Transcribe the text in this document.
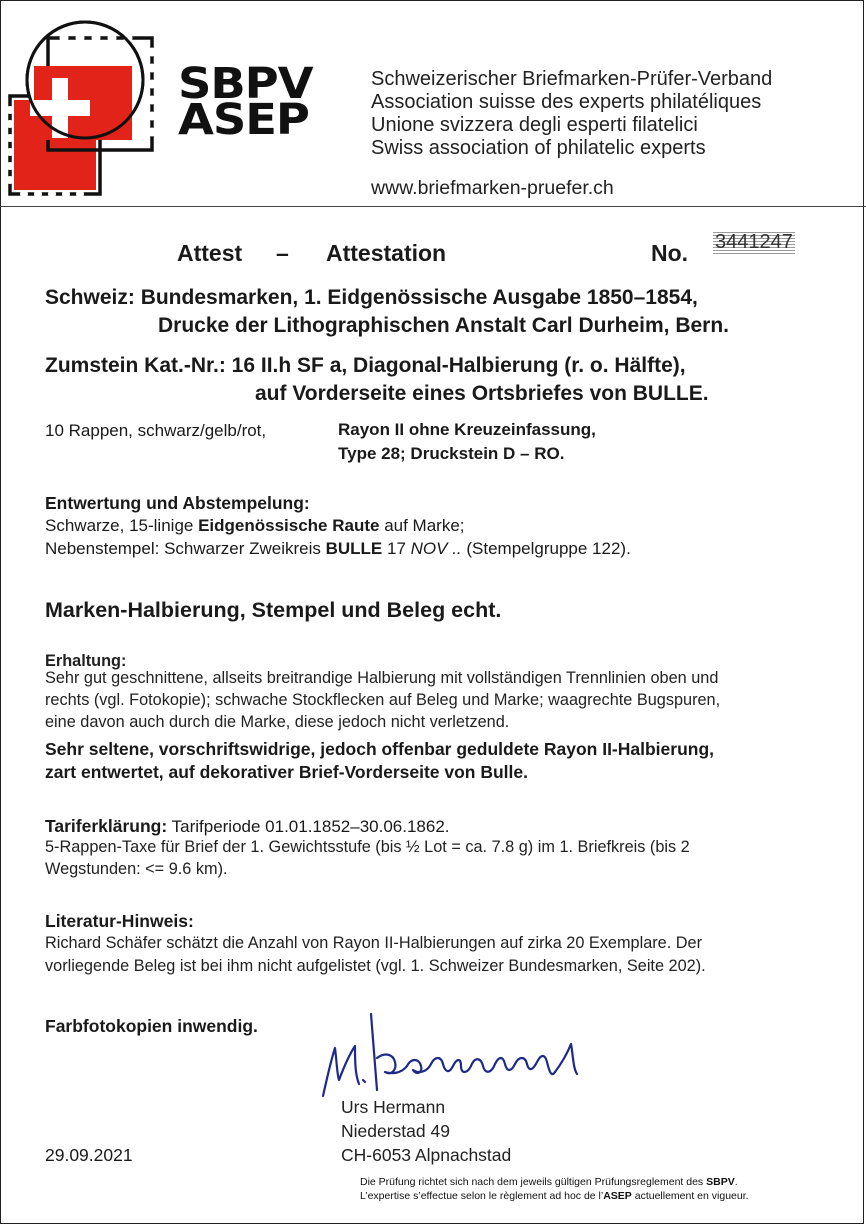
SBPV
ASEP
Schweizerischer Briefmarken-Prüfer-Verband
Association suisse des experts philatéliques
Unione svizzera degli esperti filatelici
Swiss association of philatelic experts
www.briefmarken-pruefer.ch
Attest – Attestation	No. 3441247
Schweiz: Bundesmarken, 1. Eidgenössische Ausgabe 1850–1854,
Drucke der Lithographischen Anstalt Carl Durheim, Bern.
Zumstein Kat.-Nr.: 16 II.h SF a, Diagonal-Halbierung (r. o. Hälfte),
auf Vorderseite eines Ortsbriefes von BULLE.
10 Rappen, schwarz/gelb/rot,	Rayon II ohne Kreuzeinfassung,
Type 28; Druckstein D – RO.
Entwertung und Abstempelung:
Schwarze, 15-linige Eidgenössische Raute auf Marke;
Nebenstempel: Schwarzer Zweikreis BULLE 17 NOV .. (Stempelgruppe 122).
Marken-Halbierung, Stempel und Beleg echt.
Erhaltung:
Sehr gut geschnittene, allseits breitrandige Halbierung mit vollständigen Trennlinien oben und
rechts (vgl. Fotokopie); schwache Stockflecken auf Beleg und Marke; waagrechte Bugspuren,
eine davon auch durch die Marke, diese jedoch nicht verletzend.
Sehr seltene, vorschriftswidrige, jedoch offenbar geduldete Rayon II-Halbierung,
zart entwertet, auf dekorativer Brief-Vorderseite von Bulle.
Tariferklärung: Tarifperiode 01.01.1852–30.06.1862.
5-Rappen-Taxe für Brief der 1. Gewichtsstufe (bis ½ Lot = ca. 7.8 g) im 1. Briefkreis (bis 2
Wegstunden: <= 9.6 km).
Literatur-Hinweis:
Richard Schäfer schätzt die Anzahl von Rayon II-Halbierungen auf zirka 20 Exemplare. Der
vorliegende Beleg ist bei ihm nicht aufgelistet (vgl. 1. Schweizer Bundesmarken, Seite 202).
Farbfotokopien inwendig.
Urs Hermann
Niederstad 49
CH-6053 Alpnachstad
29.09.2021
Die Prüfung richtet sich nach dem jeweils gültigen Prüfungsreglement des SBPV.
L’expertise s’effectue selon le règlement ad hoc de l’ASEP actuellement en vigueur.
